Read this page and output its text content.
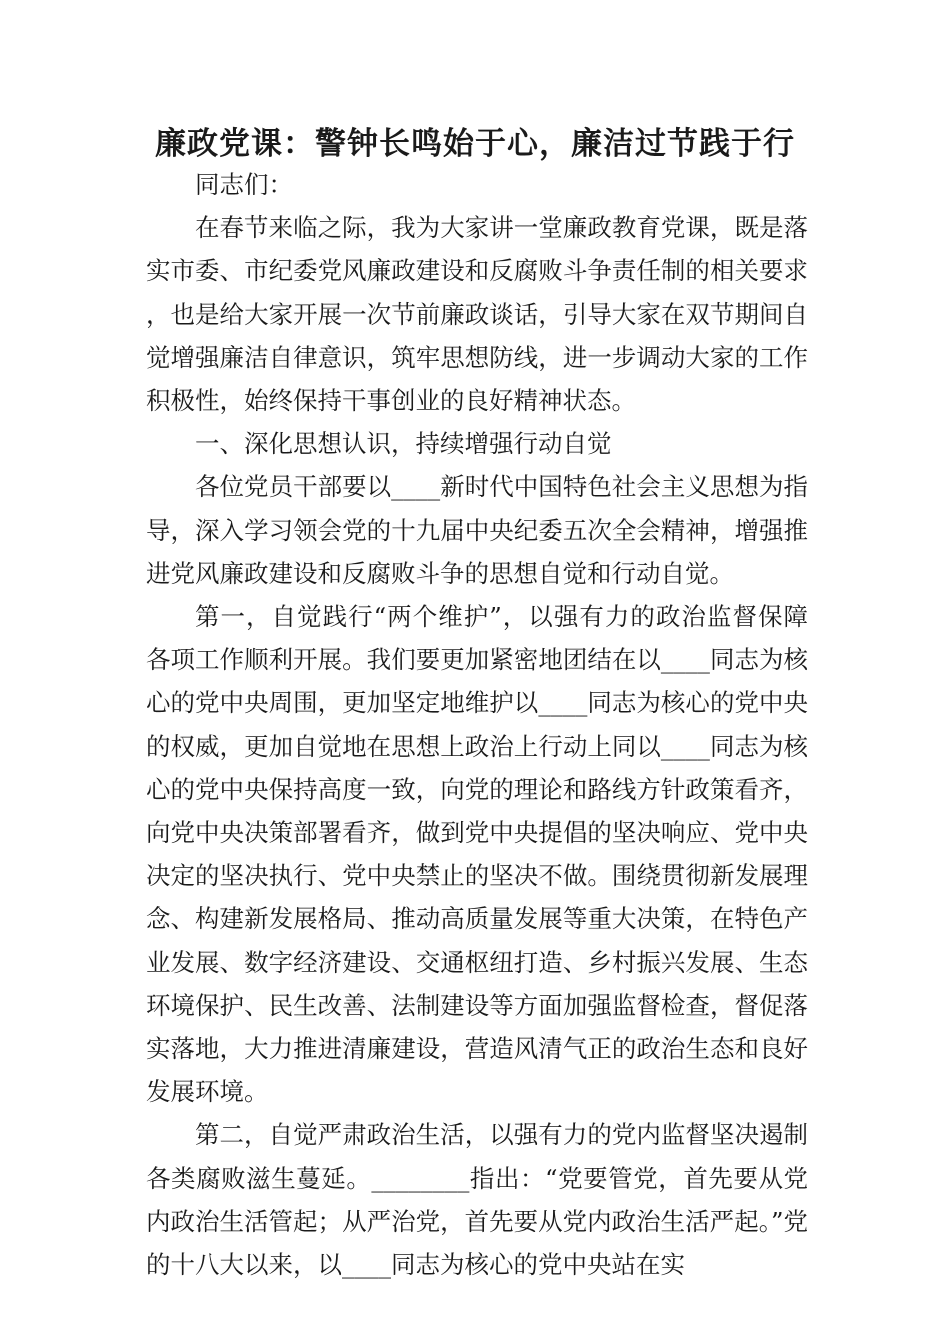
廉政党课：警钟长鸣始于心，廉洁过节践于行

同志们：

在春节来临之际，我为大家讲一堂廉政教育党课，既是落实市委、市纪委党风廉政建设和反腐败斗争责任制的相关要求，也是给大家开展一次节前廉政谈话，引导大家在双节期间自觉增强廉洁自律意识，筑牢思想防线，进一步调动大家的工作积极性，始终保持干事创业的良好精神状态。

一、深化思想认识，持续增强行动自觉

各位党员干部要以____新时代中国特色社会主义思想为指导，深入学习领会党的十九届中央纪委五次全会精神，增强推进党风廉政建设和反腐败斗争的思想自觉和行动自觉。

第一，自觉践行“两个维护”，以强有力的政治监督保障各项工作顺利开展。我们要更加紧密地团结在以____同志为核心的党中央周围，更加坚定地维护以____同志为核心的党中央的权威，更加自觉地在思想上政治上行动上同以____同志为核心的党中央保持高度一致，向党的理论和路线方针政策看齐，向党中央决策部署看齐，做到党中央提倡的坚决响应、党中央决定的坚决执行、党中央禁止的坚决不做。围绕贯彻新发展理念、构建新发展格局、推动高质量发展等重大决策，在特色产业发展、数字经济建设、交通枢纽打造、乡村振兴发展、生态环境保护、民生改善、法制建设等方面加强监督检查，督促落实落地，大力推进清廉建设，营造风清气正的政治生态和良好发展环境。

第二，自觉严肃政治生活，以强有力的党内监督坚决遏制各类腐败滋生蔓延。________指出：“党要管党，首先要从党内政治生活管起；从严治党，首先要从党内政治生活严起。”党的十八大以来，以____同志为核心的党中央站在实
